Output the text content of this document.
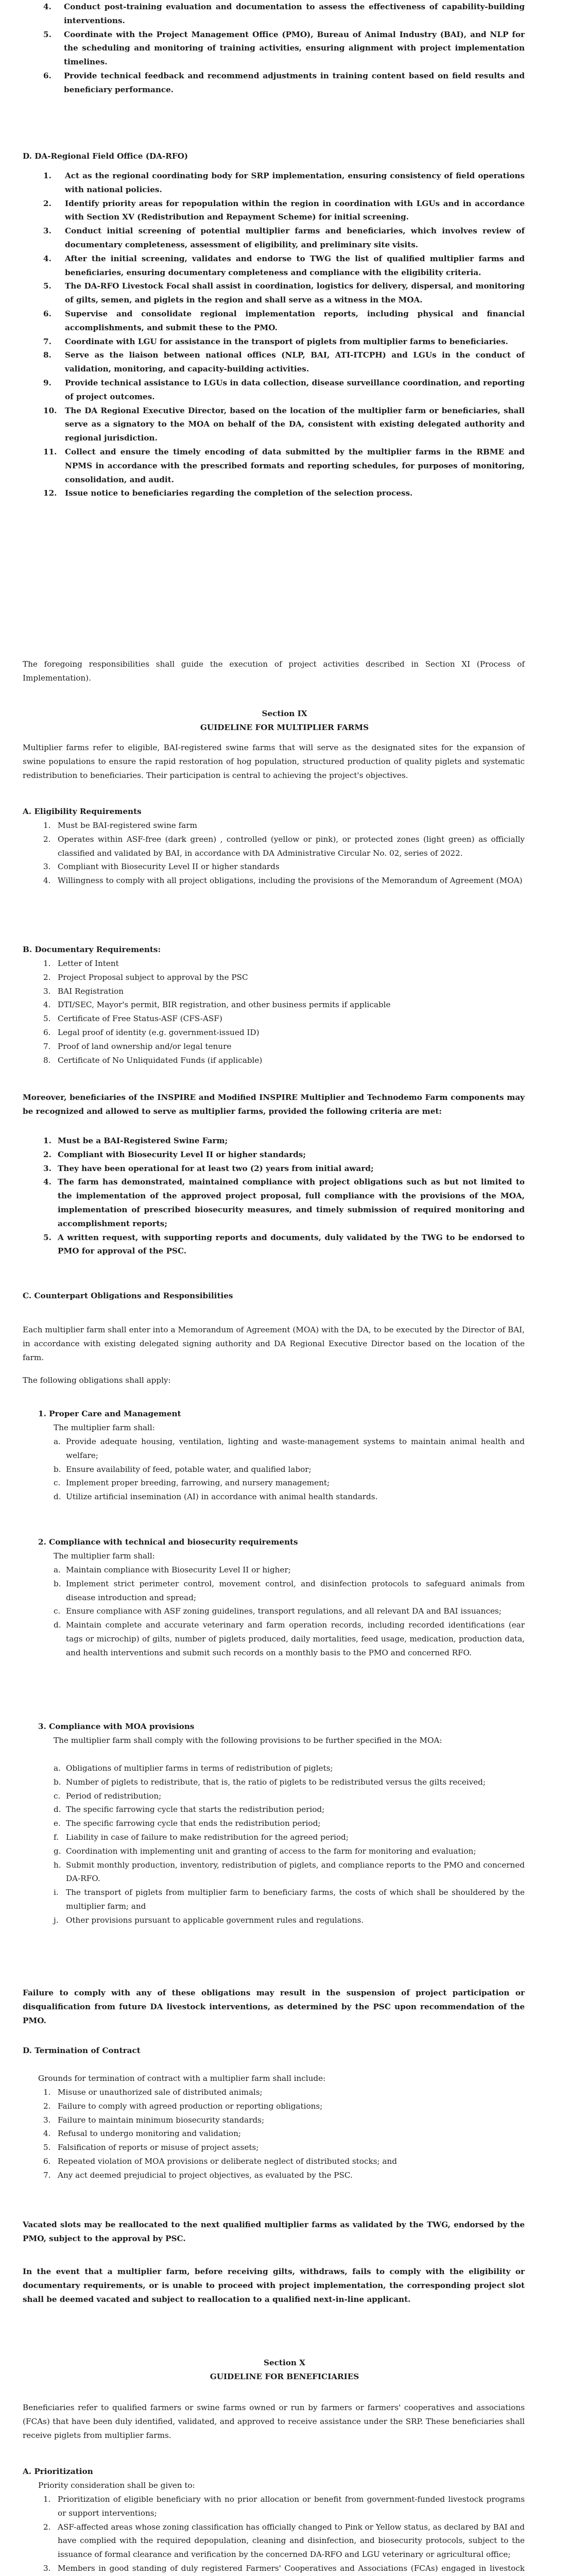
4. Conduct post-training evaluation and documentation to assess the effectiveness of capability-building interventions.

5. Coordinate with the Project Management Office (PMO), Bureau of Animal Industry (BAI), and NLP for the scheduling and monitoring of training activities, ensuring alignment with project implementation timelines.

6. Provide technical feedback and recommend adjustments in training content based on field results and beneficiary performance.

D. DA-Regional Field Office (DA-RFO)
1. Act as the regional coordinating body for SRP implementation, ensuring consistency of field operations with national policies.

2. Identify priority areas for repopulation within the region in coordination with LGUs and in accordance with Section XV (Redistribution and Repayment Scheme) for initial screening.

3. Conduct initial screening of potential multiplier farms and beneficiaries, which involves review of documentary completeness, assessment of eligibility, and preliminary site visits.

4. After the initial screening, validates and endorse to TWG the list of qualified multiplier farms and beneficiaries, ensuring documentary completeness and compliance with the eligibility criteria.

5. The DA-RFO Livestock Focal shall assist in coordination, logistics for delivery, dispersal, and monitoring of gilts, semen, and piglets in the region and shall serve as a witness in the MOA.

6. Supervise and consolidate regional implementation reports, including physical and financial accomplishments, and submit these to the PMO.

7. Coordinate with LGU for assistance in the transport of piglets from multiplier farms to beneficiaries.

8. Serve as the liaison between national offices (NLP, BAI, ATI-ITCPH) and LGUs in the conduct of validation, monitoring, and capacity-building activities.

9. Provide technical assistance to LGUs in data collection, disease surveillance coordination, and reporting of project outcomes.

10. The DA Regional Executive Director, based on the location of the multiplier farm or beneficiaries, shall serve as a signatory to the MOA on behalf of the DA, consistent with existing delegated authority and regional jurisdiction.

11. Collect and ensure the timely encoding of data submitted by the multiplier farms in the RBME and NPMS in accordance with the prescribed formats and reporting schedules, for purposes of monitoring, consolidation, and audit.

12. Issue notice to beneficiaries regarding the completion of the selection process.

The foregoing responsibilities shall guide the execution of project activities described in Section XI (Process of Implementation).

Section IX
GUIDELINE FOR MULTIPLIER FARMS

Multiplier farms refer to eligible, BAI-registered swine farms that will serve as the designated sites for the expansion of swine populations to ensure the rapid restoration of hog population, structured production of quality piglets and systematic redistribution to beneficiaries. Their participation is central to achieving the project's objectives.

A. Eligibility Requirements
1. Must be BAI-registered swine farm

2. Operates within ASF-free (dark green) , controlled (yellow or pink), or protected zones (light green) as officially classified and validated by BAI, in accordance with DA Administrative Circular No. 02, series of 2022.

3. Compliant with Biosecurity Level II or higher standards

4. Willingness to comply with all project obligations, including the provisions of the Memorandum of Agreement (MOA)

B. Documentary Requirements:
1. Letter of Intent

2. Project Proposal subject to approval by the PSC

3. BAI Registration

4. DTI/SEC, Mayor's permit, BIR registration, and other business permits if applicable

5. Certificate of Free Status-ASF (CFS-ASF)

6. Legal proof of identity (e.g. government-issued ID)

7. Proof of land ownership and/or legal tenure

8. Certificate of No Unliquidated Funds (if applicable)

Moreover, beneficiaries of the INSPIRE and Modified INSPIRE Multiplier and Technodemo Farm components may be recognized and allowed to serve as multiplier farms, provided the following criteria are met:

1. Must be a BAI-Registered Swine Farm;

2. Compliant with Biosecurity Level II or higher standards;

3. They have been operational for at least two (2) years from initial award;

4. The farm has demonstrated, maintained compliance with project obligations such as but not limited to the implementation of the approved project proposal, full compliance with the provisions of the MOA, implementation of prescribed biosecurity measures, and timely submission of required monitoring and accomplishment reports;

5. A written request, with supporting reports and documents, duly validated by the TWG to be endorsed to PMO for approval of the PSC.

C. Counterpart Obligations and Responsibilities

Each multiplier farm shall enter into a Memorandum of Agreement (MOA) with the DA, to be executed by the Director of BAI, in accordance with existing delegated signing authority and DA Regional Executive Director based on the location of the farm.

The following obligations shall apply:

1. Proper Care and Management

The multiplier farm shall:

a. Provide adequate housing, ventilation, lighting and waste-management systems to maintain animal health and welfare;

b. Ensure availability of feed, potable water, and qualified labor;

c. Implement proper breeding, farrowing, and nursery management;

d. Utilize artificial insemination (AI) in accordance with animal health standards.

2. Compliance with technical and biosecurity requirements

The multiplier farm shall:

a. Maintain compliance with Biosecurity Level II or higher;

b. Implement strict perimeter control, movement control, and disinfection protocols to safeguard animals from disease introduction and spread;

c. Ensure compliance with ASF zoning guidelines, transport regulations, and all relevant DA and BAI issuances;

d. Maintain complete and accurate veterinary and farm operation records, including recorded identifications (ear tags or microchip) of gilts, number of piglets produced, daily mortalities, feed usage, medication, production data, and health interventions and submit such records on a monthly basis to the PMO and concerned RFO.

3. Compliance with MOA provisions

The multiplier farm shall comply with the following provisions to be further specified in the MOA:

a. Obligations of multiplier farms in terms of redistribution of piglets;

b. Number of piglets to redistribute, that is, the ratio of piglets to be redistributed versus the gilts received;

c. Period of redistribution;

d. The specific farrowing cycle that starts the redistribution period;

e. The specific farrowing cycle that ends the redistribution period;

f. Liability in case of failure to make redistribution for the agreed period;

g. Coordination with implementing unit and granting of access to the farm for monitoring and evaluation;

h. Submit monthly production, inventory, redistribution of piglets, and compliance reports to the PMO and concerned DA-RFO.

i. The transport of piglets from multiplier farm to beneficiary farms, the costs of which shall be shouldered by the multiplier farm; and

j. Other provisions pursuant to applicable government rules and regulations.

Failure to comply with any of these obligations may result in the suspension of project participation or disqualification from future DA livestock interventions, as determined by the PSC upon recommendation of the PMO.

D. Termination of Contract

Grounds for termination of contract with a multiplier farm shall include:

1. Misuse or unauthorized sale of distributed animals;

2. Failure to comply with agreed production or reporting obligations;

3. Failure to maintain minimum biosecurity standards;

4. Refusal to undergo monitoring and validation;

5. Falsification of reports or misuse of project assets;

6. Repeated violation of MOA provisions or deliberate neglect of distributed stocks; and

7. Any act deemed prejudicial to project objectives, as evaluated by the PSC.

Vacated slots may be reallocated to the next qualified multiplier farms as validated by the TWG, endorsed by the PMO, subject to the approval by PSC.

In the event that a multiplier farm, before receiving gilts, withdraws, fails to comply with the eligibility or documentary requirements, or is unable to proceed with project implementation, the corresponding project slot shall be deemed vacated and subject to reallocation to a qualified next-in-line applicant.

Section X
GUIDELINE FOR BENEFICIARIES

Beneficiaries refer to qualified farmers or swine farms owned or run by farmers or farmers' cooperatives and associations (FCAs) that have been duly identified, validated, and approved to receive assistance under the SRP. These beneficiaries shall receive piglets from multiplier farms.

A. Prioritization

Priority consideration shall be given to:

1. Prioritization of eligible beneficiary with no prior allocation or benefit from government-funded livestock programs or support interventions;

2. ASF-affected areas whose zoning classification has officially changed to Pink or Yellow status, as declared by BAI and have complied with the required depopulation, cleaning and disinfection, and biosecurity protocols, subject to the issuance of formal clearance and verification by the concerned DA-RFO and LGU veterinary or agricultural office;

3. Members in good standing of duly registered Farmers' Cooperatives and Associations (FCAs) engaged in livestock
